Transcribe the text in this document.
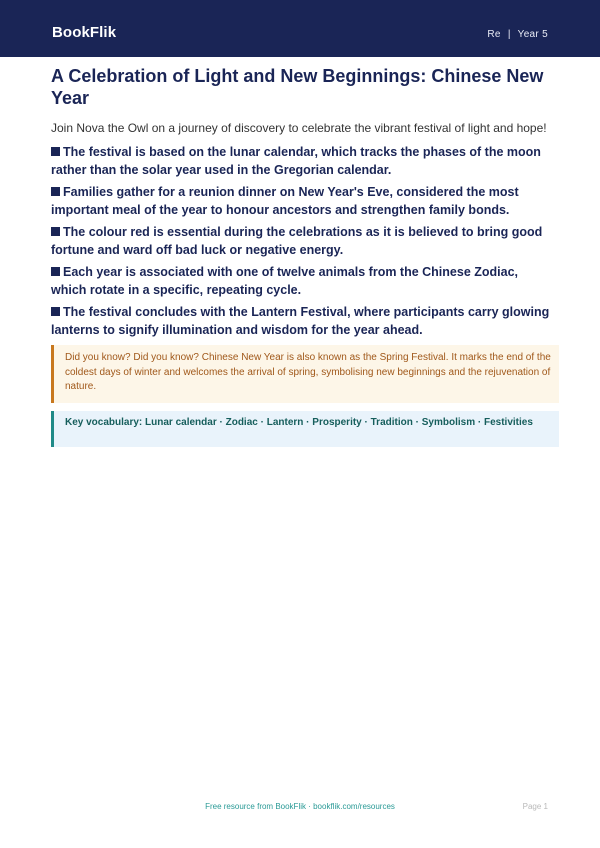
BookFlik	Re | Year 5
A Celebration of Light and New Beginnings: Chinese New Year

Join Nova the Owl on a journey of discovery to celebrate the vibrant festival of light and hope!

The festival is based on the lunar calendar, which tracks the phases of the moon rather than the solar year used in the Gregorian calendar.
Families gather for a reunion dinner on New Year's Eve, considered the most important meal of the year to honour ancestors and strengthen family bonds.
The colour red is essential during the celebrations as it is believed to bring good fortune and ward off bad luck or negative energy.
Each year is associated with one of twelve animals from the Chinese Zodiac, which rotate in a specific, repeating cycle.
The festival concludes with the Lantern Festival, where participants carry glowing lanterns to signify illumination and wisdom for the year ahead.
Did you know? Did you know? Chinese New Year is also known as the Spring Festival. It marks the end of the coldest days of winter and welcomes the arrival of spring, symbolising new beginnings and the rejuvenation of nature.
Key vocabulary: Lunar calendar · Zodiac · Lantern · Prosperity · Tradition · Symbolism · Festivities
Free resource from BookFlik · bookflik.com/resources	Page 1
